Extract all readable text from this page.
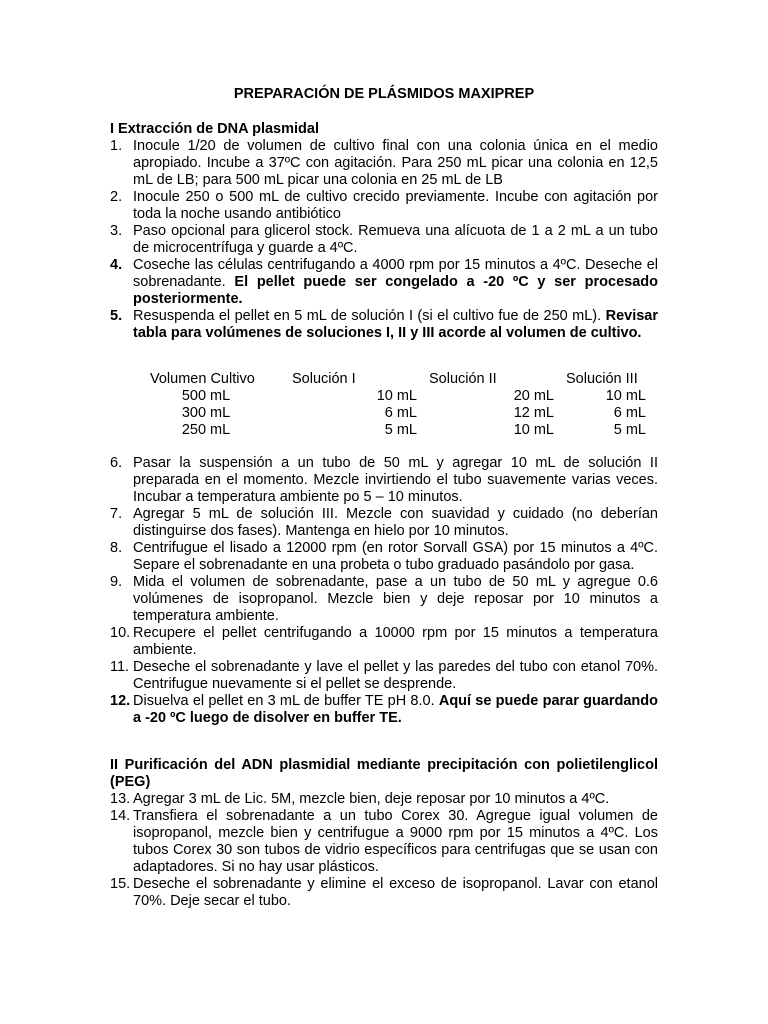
PREPARACIÓN DE PLÁSMIDOS MAXIPREP
I Extracción de DNA plasmidal
1. Inocule 1/20 de volumen de cultivo final con una colonia única en el medio apropiado. Incube a 37ºC con agitación. Para 250 mL picar una colonia en 12,5 mL de LB; para 500 mL picar una colonia en 25 mL de LB
2. Inocule 250 o 500 mL de cultivo crecido previamente. Incube con agitación por toda la noche usando antibiótico
3. Paso opcional para glicerol stock. Remueva una alícuota de 1 a 2 mL a un tubo de microcentrífuga y guarde a 4ºC.
4. Coseche las células centrifugando a 4000 rpm por 15 minutos a 4ºC. Deseche el sobrenadante. El pellet puede ser congelado a -20 ºC y ser procesado posteriormente.
5. Resuspenda el pellet en 5 mL de solución I (si el cultivo fue de 250 mL). Revisar tabla para volúmenes de soluciones I, II y III acorde al volumen de cultivo.
Volumen Cultivo	Solución I	Solución II	Solución III
500 mL	10 mL	20 mL	10 mL
300 mL	6 mL	12 mL	6 mL
250 mL	5 mL	10 mL	5 mL
6. Pasar la suspensión a un tubo de 50 mL y agregar 10 mL de solución II preparada en el momento. Mezcle invirtiendo el tubo suavemente varias veces. Incubar a temperatura ambiente po 5 – 10 minutos.
7. Agregar 5 mL de solución III. Mezcle con suavidad y cuidado (no deberían distinguirse dos fases). Mantenga en hielo por 10 minutos.
8. Centrifugue el lisado a 12000 rpm (en rotor Sorvall GSA) por 15 minutos a 4ºC. Separe el sobrenadante en una probeta o tubo graduado pasándolo por gasa.
9. Mida el volumen de sobrenadante, pase a un tubo de 50 mL y agregue 0.6 volúmenes de isopropanol. Mezcle bien y deje reposar por 10 minutos a temperatura ambiente.
10. Recupere el pellet centrifugando a 10000 rpm por 15 minutos a temperatura ambiente.
11. Deseche el sobrenadante y lave el pellet y las paredes del tubo con etanol 70%. Centrifugue nuevamente si el pellet se desprende.
12. Disuelva el pellet en 3 mL de buffer TE pH 8.0. Aquí se puede parar guardando a -20 ºC luego de disolver en buffer TE.
II Purificación del ADN plasmidial mediante precipitación con polietilenglicol (PEG)
13. Agregar 3 mL de Lic. 5M, mezcle bien, deje reposar por 10 minutos a 4ºC.
14. Transfiera el sobrenadante a un tubo Corex 30. Agregue igual volumen de isopropanol, mezcle bien y centrifugue a 9000 rpm por 15 minutos a 4ºC. Los tubos Corex 30 son tubos de vidrio específicos para centrifugas que se usan con adaptadores. Si no hay usar plásticos.
15. Deseche el sobrenadante y elimine el exceso de isopropanol. Lavar con etanol 70%. Deje secar el tubo.
